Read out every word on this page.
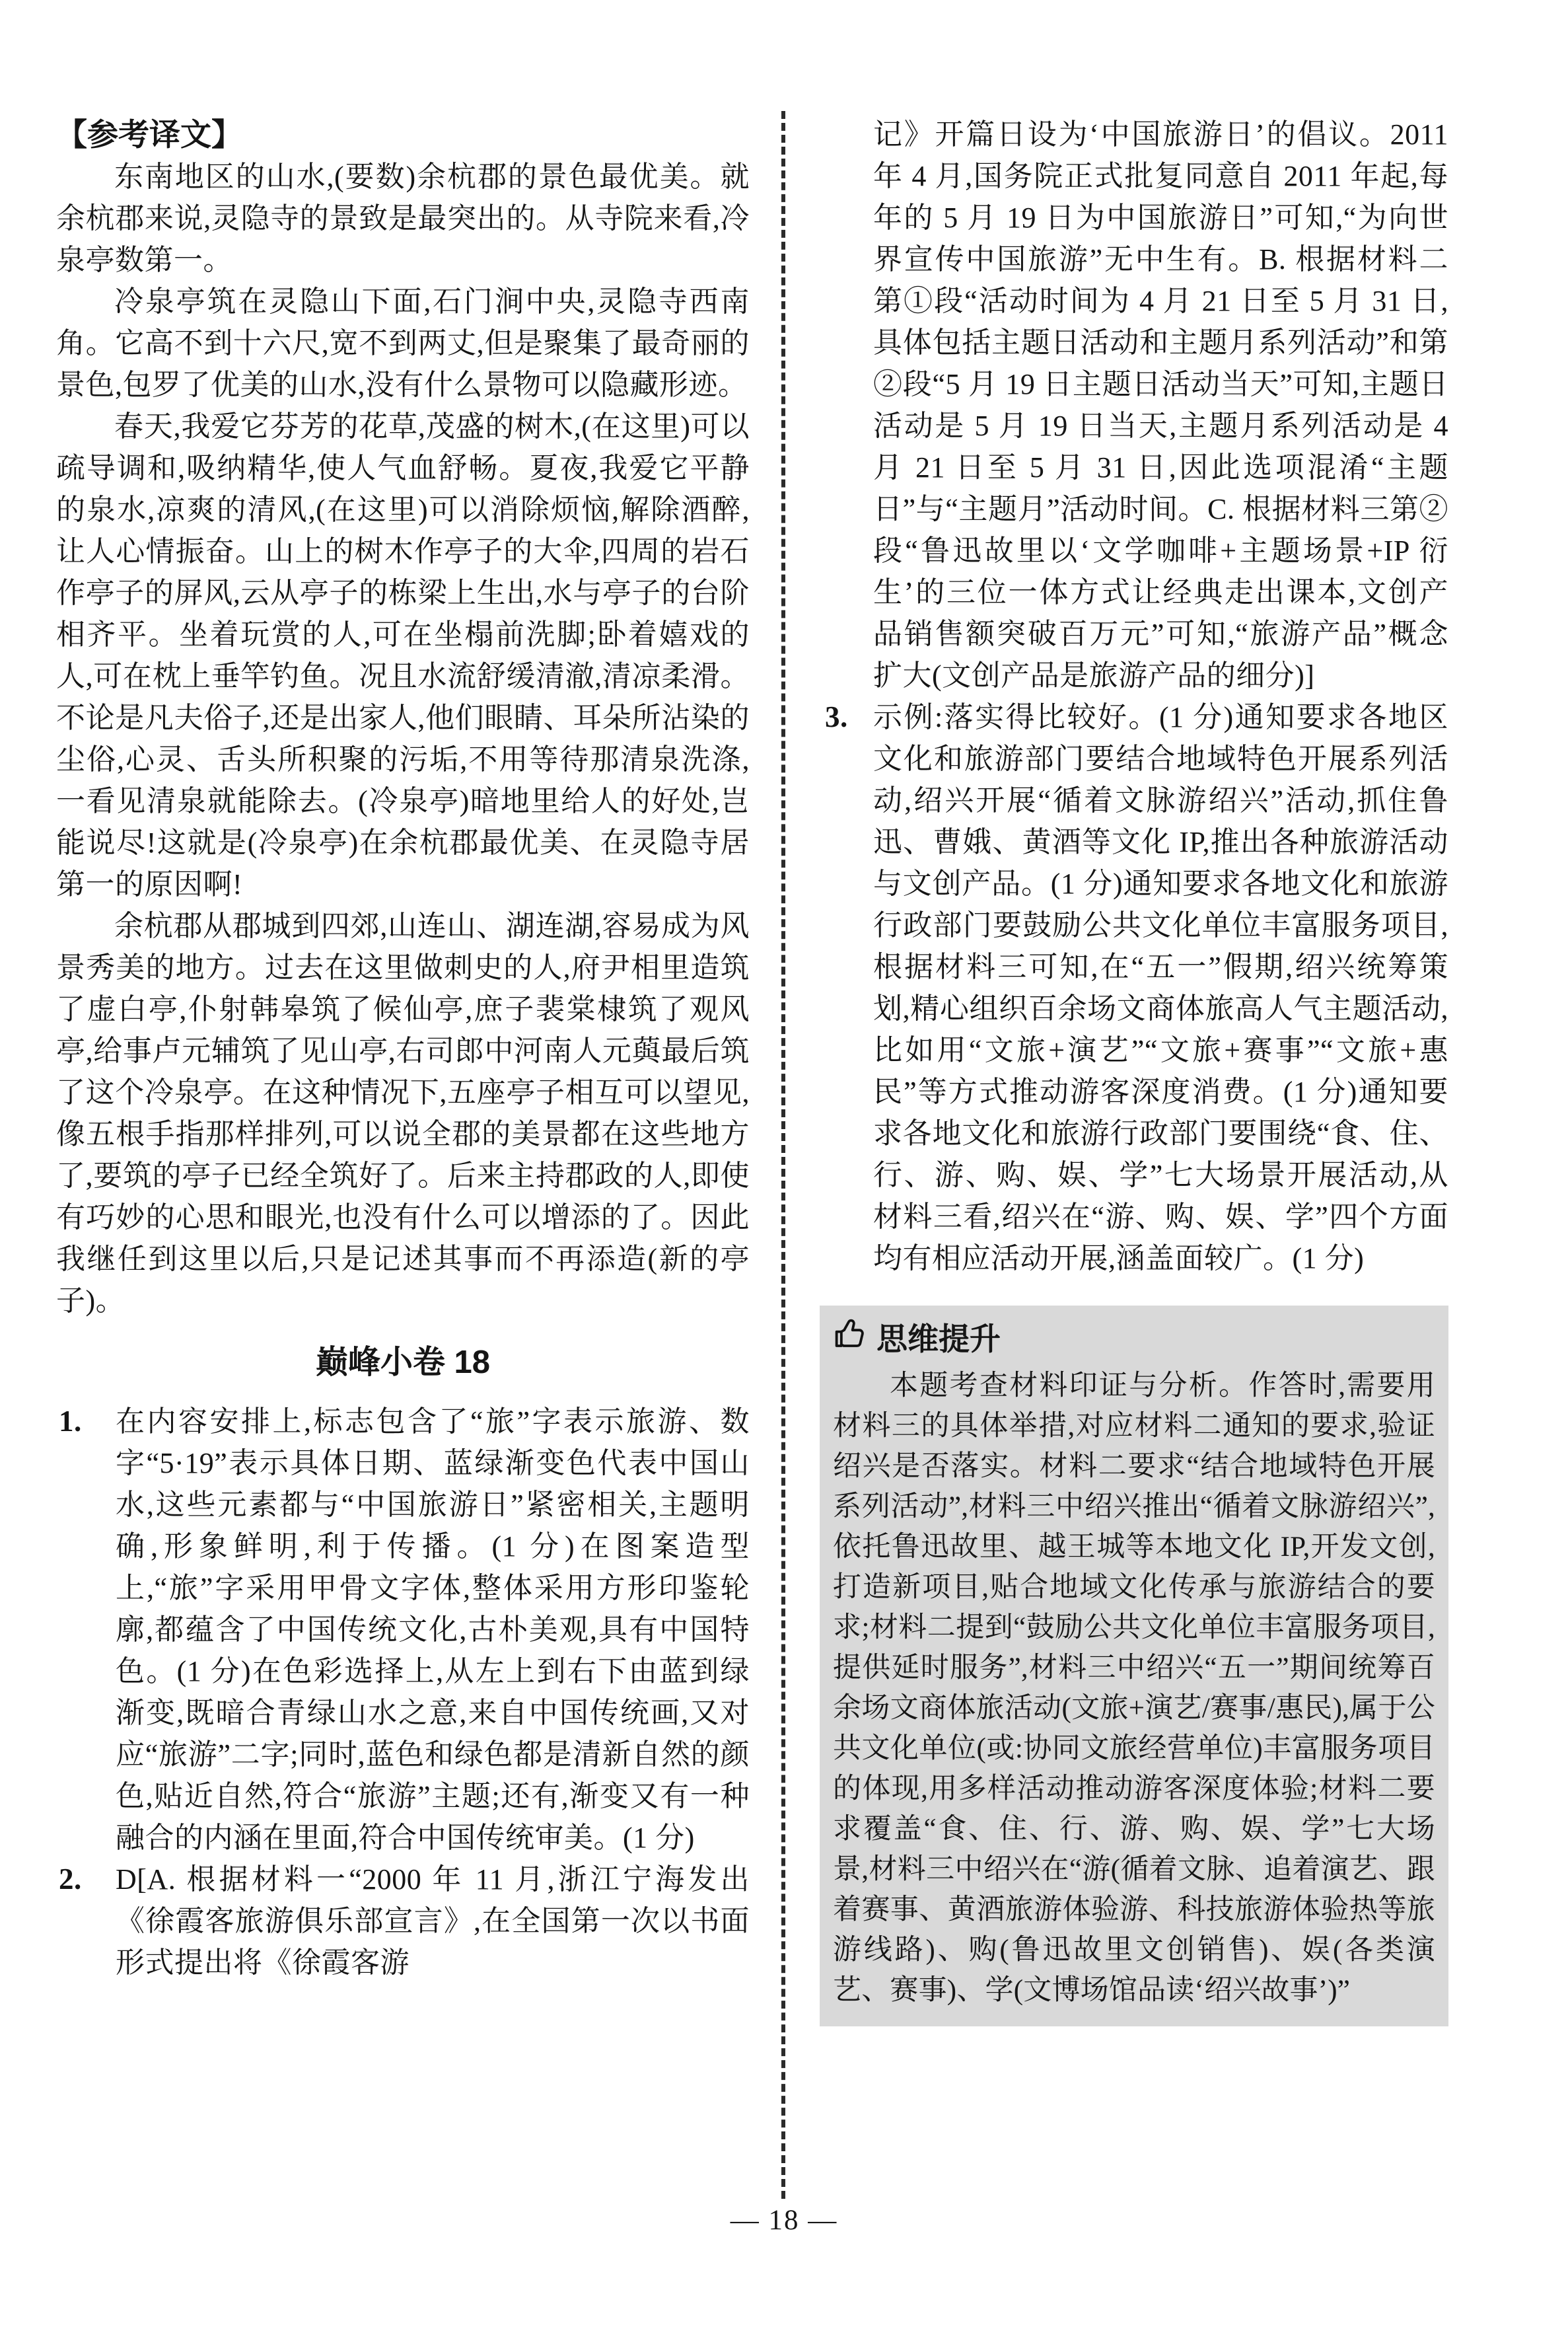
【参考译文】

东南地区的山水,(要数)余杭郡的景色最优美。就余杭郡来说,灵隐寺的景致是最突出的。从寺院来看,冷泉亭数第一。

冷泉亭筑在灵隐山下面,石门涧中央,灵隐寺西南角。它高不到十六尺,宽不到两丈,但是聚集了最奇丽的景色,包罗了优美的山水,没有什么景物可以隐藏形迹。

春天,我爱它芬芳的花草,茂盛的树木,(在这里)可以疏导调和,吸纳精华,使人气血舒畅。夏夜,我爱它平静的泉水,凉爽的清风,(在这里)可以消除烦恼,解除酒醉,让人心情振奋。山上的树木作亭子的大伞,四周的岩石作亭子的屏风,云从亭子的栋梁上生出,水与亭子的台阶相齐平。坐着玩赏的人,可在坐榻前洗脚;卧着嬉戏的人,可在枕上垂竿钓鱼。况且水流舒缓清澈,清凉柔滑。不论是凡夫俗子,还是出家人,他们眼睛、耳朵所沾染的尘俗,心灵、舌头所积聚的污垢,不用等待那清泉洗涤,一看见清泉就能除去。(冷泉亭)暗地里给人的好处,岂能说尽!这就是(冷泉亭)在余杭郡最优美、在灵隐寺居第一的原因啊!

余杭郡从郡城到四郊,山连山、湖连湖,容易成为风景秀美的地方。过去在这里做刺史的人,府尹相里造筑了虚白亭,仆射韩皋筑了候仙亭,庶子裴棠棣筑了观风亭,给事卢元辅筑了见山亭,右司郎中河南人元藇最后筑了这个冷泉亭。在这种情况下,五座亭子相互可以望见,像五根手指那样排列,可以说全郡的美景都在这些地方了,要筑的亭子已经全筑好了。后来主持郡政的人,即使有巧妙的心思和眼光,也没有什么可以增添的了。因此我继任到这里以后,只是记述其事而不再添造(新的亭子)。

巅峰小卷 18

1. 在内容安排上,标志包含了“旅”字表示旅游、数字“5·19”表示具体日期、蓝绿渐变色代表中国山水,这些元素都与“中国旅游日”紧密相关,主题明确,形象鲜明,利于传播。(1 分)在图案造型上,“旅”字采用甲骨文字体,整体采用方形印鉴轮廓,都蕴含了中国传统文化,古朴美观,具有中国特色。(1 分)在色彩选择上,从左上到右下由蓝到绿渐变,既暗合青绿山水之意,来自中国传统画,又对应“旅游”二字;同时,蓝色和绿色都是清新自然的颜色,贴近自然,符合“旅游”主题;还有,渐变又有一种融合的内涵在里面,符合中国传统审美。(1 分)
2. D[A. 根据材料一“2000 年 11 月,浙江宁海发出《徐霞客旅游俱乐部宣言》,在全国第一次以书面形式提出将《徐霞客游

记》开篇日设为‘中国旅游日’的倡议。2011 年 4 月,国务院正式批复同意自 2011 年起,每年的 5 月 19 日为中国旅游日”可知,“为向世界宣传中国旅游”无中生有。B. 根据材料二第①段“活动时间为 4 月 21 日至 5 月 31 日,具体包括主题日活动和主题月系列活动”和第②段“5 月 19 日主题日活动当天”可知,主题日活动是 5 月 19 日当天,主题月系列活动是 4 月 21 日至 5 月 31 日,因此选项混淆“主题日”与“主题月”活动时间。C. 根据材料三第②段“鲁迅故里以‘文学咖啡+主题场景+IP 衍生’的三位一体方式让经典走出课本,文创产品销售额突破百万元”可知,“旅游产品”概念扩大(文创产品是旅游产品的细分)]

3. 示例:落实得比较好。(1 分)通知要求各地区文化和旅游部门要结合地域特色开展系列活动,绍兴开展“循着文脉游绍兴”活动,抓住鲁迅、曹娥、黄酒等文化 IP,推出各种旅游活动与文创产品。(1 分)通知要求各地文化和旅游行政部门要鼓励公共文化单位丰富服务项目,根据材料三可知,在“五一”假期,绍兴统筹策划,精心组织百余场文商体旅高人气主题活动,比如用“文旅+演艺”“文旅+赛事”“文旅+惠民”等方式推动游客深度消费。(1 分)通知要求各地文化和旅游行政部门要围绕“食、住、行、游、购、娱、学”七大场景开展活动,从材料三看,绍兴在“游、购、娱、学”四个方面均有相应活动开展,涵盖面较广。(1 分)
思维提升

本题考查材料印证与分析。作答时,需要用材料三的具体举措,对应材料二通知的要求,验证绍兴是否落实。材料二要求“结合地域特色开展系列活动”,材料三中绍兴推出“循着文脉游绍兴”,依托鲁迅故里、越王城等本地文化 IP,开发文创,打造新项目,贴合地域文化传承与旅游结合的要求;材料二提到“鼓励公共文化单位丰富服务项目,提供延时服务”,材料三中绍兴“五一”期间统筹百余场文商体旅活动(文旅+演艺/赛事/惠民),属于公共文化单位(或:协同文旅经营单位)丰富服务项目的体现,用多样活动推动游客深度体验;材料二要求覆盖“食、住、行、游、购、娱、学”七大场景,材料三中绍兴在“游(循着文脉、追着演艺、跟着赛事、黄酒旅游体验游、科技旅游体验热等旅游线路)、购(鲁迅故里文创销售)、娱(各类演艺、赛事)、学(文博场馆品读‘绍兴故事’)”

— 18 —
